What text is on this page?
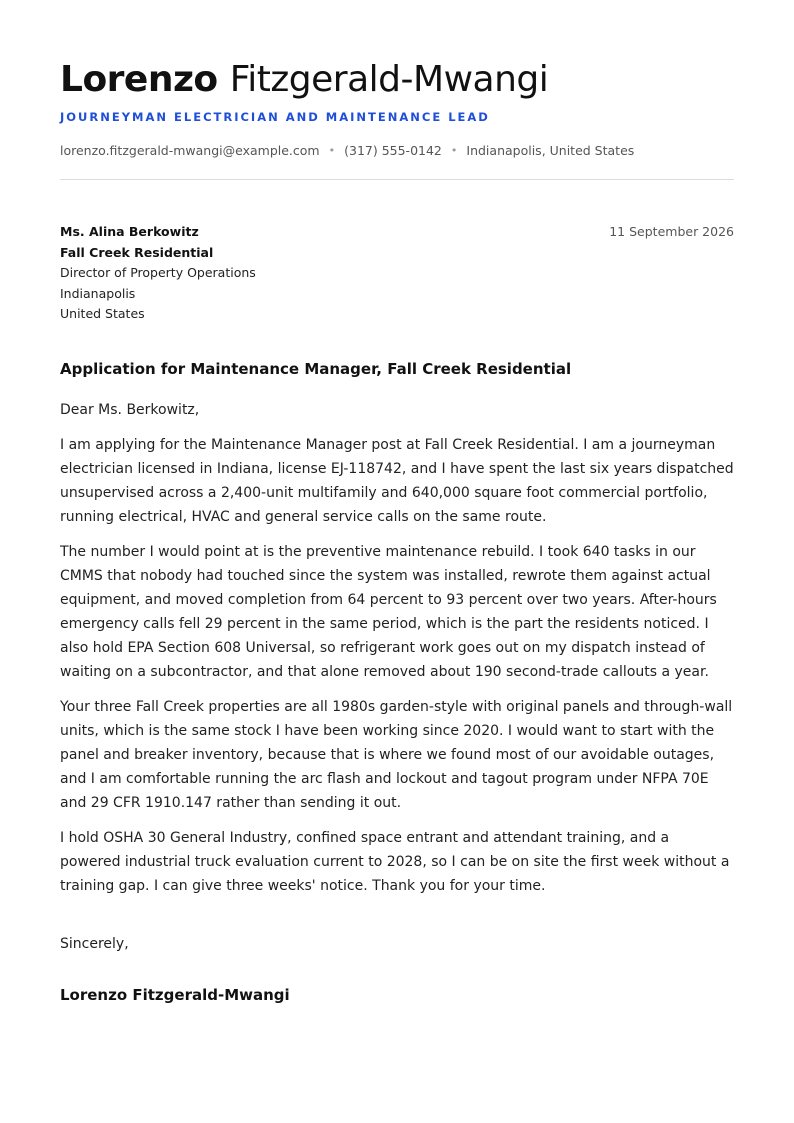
Lorenzo Fitzgerald-Mwangi
JOURNEYMAN ELECTRICIAN AND MAINTENANCE LEAD
lorenzo.fitzgerald-mwangi@example.com • (317) 555-0142 • Indianapolis, United States
Ms. Alina Berkowitz
Fall Creek Residential
Director of Property Operations
Indianapolis
United States
11 September 2026
Application for Maintenance Manager, Fall Creek Residential
Dear Ms. Berkowitz,

I am applying for the Maintenance Manager post at Fall Creek Residential. I am a journeyman electrician licensed in Indiana, license EJ-118742, and I have spent the last six years dispatched unsupervised across a 2,400-unit multifamily and 640,000 square foot commercial portfolio, running electrical, HVAC and general service calls on the same route.

The number I would point at is the preventive maintenance rebuild. I took 640 tasks in our CMMS that nobody had touched since the system was installed, rewrote them against actual equipment, and moved completion from 64 percent to 93 percent over two years. After-hours emergency calls fell 29 percent in the same period, which is the part the residents noticed. I also hold EPA Section 608 Universal, so refrigerant work goes out on my dispatch instead of waiting on a subcontractor, and that alone removed about 190 second-trade callouts a year.

Your three Fall Creek properties are all 1980s garden-style with original panels and through-wall units, which is the same stock I have been working since 2020. I would want to start with the panel and breaker inventory, because that is where we found most of our avoidable outages, and I am comfortable running the arc flash and lockout and tagout program under NFPA 70E and 29 CFR 1910.147 rather than sending it out.

I hold OSHA 30 General Industry, confined space entrant and attendant training, and a powered industrial truck evaluation current to 2028, so I can be on site the first week without a training gap. I can give three weeks' notice. Thank you for your time.

Sincerely,
Lorenzo Fitzgerald-Mwangi
